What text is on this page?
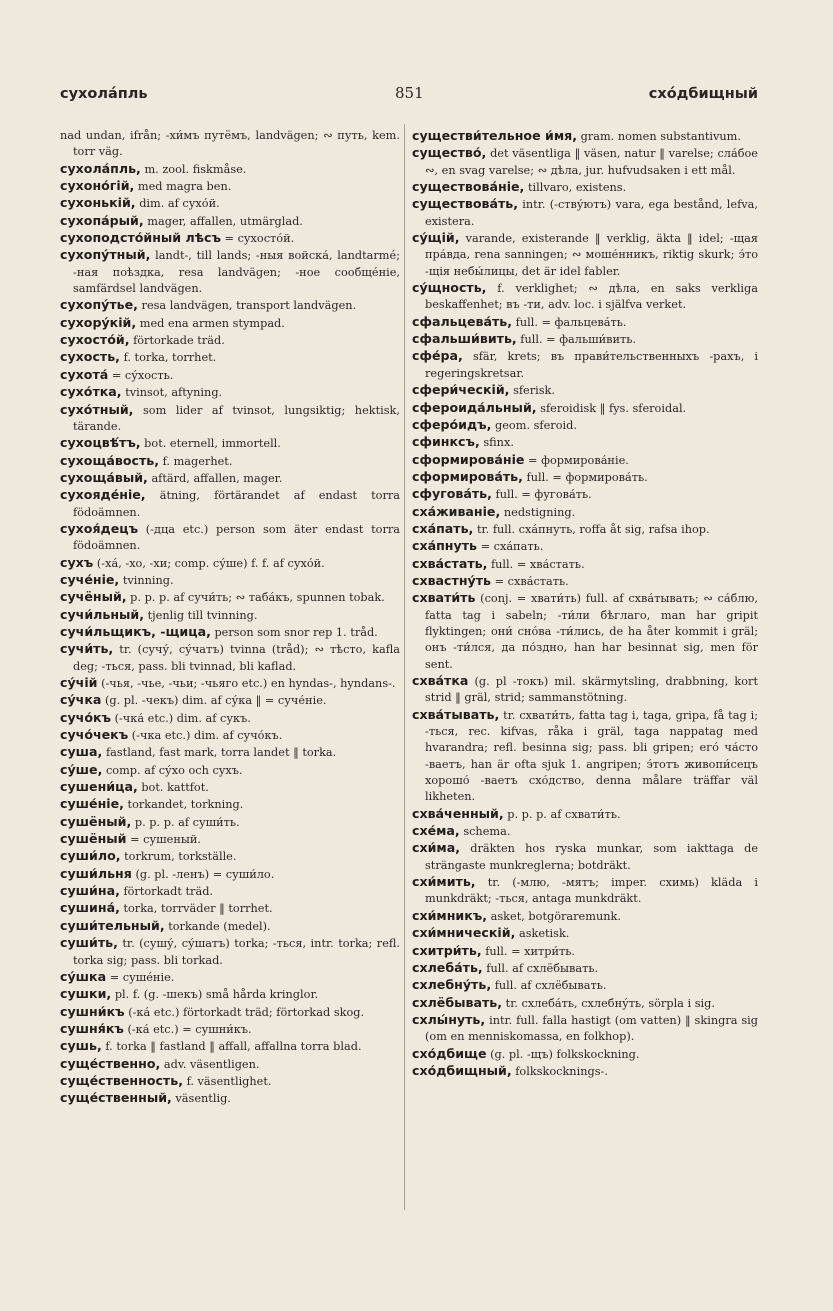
сухола́пль	851	схо́дбищный
nad undan, ifrån; -хи́мъ путёмъ, landvägen; ∾ путь, kem. torr väg.
сухола́пль, m. zool. fiskmåse.
сухоно́гій, med magra ben.
сухонькій, dim. af сухо́й.
сухопа́рый, mager, affallen, utmärglad.
сухоподсто́йный лѣсъ = сухосто́й.
сухопу́тный, landt-, till lands; -ныя войска́, landtarmé; -ная поѣздка, resa landvägen; -ное сообще́ніе, samfärdsel landvägen.
сухопу́тье, resa landvägen, transport landvägen.
сухору́кій, med ena armen stympad.
сухосто́й, förtorkade träd.
сухость, f. torka, torrhet.
сухота́ = су́хость.
сухо́тка, tvinsot, aftyning.
сухо́тный, som lider af tvinsot, lungsiktig; hektisk, tärande.
сухоцвѣ́тъ, bot. eternell, immortell.
сухоща́вость, f. magerhet.
сухоща́вый, aftärd, affallen, mager.
сухояде́ніе, ätning, förtärandet af endast torra födoämnen.
сухоя́децъ (-дца etc.) person som äter endast torra födoämnen.
сухъ (-ха́, -хо, -хи; comp. су́ше) f. f. af сухо́й.
суче́ніе, tvinning.
сучёный, p. p. p. af сучи́ть; ∾ таба́къ, spunnen tobak.
сучи́льный, tjenlig till tvinning.
сучи́льщикъ, -щица, person som snor rep 1. tråd.
сучи́ть, tr. (сучу́, су́чатъ) tvinna (tråd); ∾ тѣсто, kafla deg; -ться, pass. bli tvinnad, bli kaflad.
су́чій (-чья, -чье, -чьи; -чьяго etc.) en hyndas-, hyndans-.
су́чка (g. pl. -чекъ) dim. af су́ка ‖ = суче́ніе.
сучо́къ (-чка́ etc.) dim. af сукъ.
сучо́чекъ (-чка etc.) dim. af сучо́къ.
суша, fastland, fast mark, torra landet ‖ torka.
су́ше, comp. af су́хо och сухъ.
сушени́ца, bot. kattfot.
суше́ніе, torkandet, torkning.
сушёный, p. p. p. af суши́ть.
сушёный = сушеный.
суши́ло, torkrum, torkställe.
суши́льня (g. pl. -ленъ) = суши́ло.
суши́на, förtorkadt träd.
сушина́, torka, torrväder ‖ torrhet.
суши́тельный, torkande (medel).
суши́ть, tr. (сушу́, су́шатъ) torka; -ться, intr. torka; refl. torka sig; pass. bli torkad.
су́шка = суше́ніе.
сушки, pl. f. (g. -шекъ) små hårda kringlor.
сушни́къ (-ка́ etc.) förtorkadt träd; förtorkad skog.
сушня́къ (-ка́ etc.) = сушни́къ.
сушь, f. torka ‖ fastland ‖ affall, affallna torra blad.
суще́ственно, adv. väsentligen.
суще́ственность, f. väsentlighet.
суще́ственный, väsentlig.
существи́тельное и́мя, gram. nomen substantivum.
существо́, det väsentliga ‖ väsen, natur ‖ varelse; сла́бое ∾, en svag varelse; ∾ дѣла, jur. hufvudsaken i ett mål.
существова́ніе, tillvaro, existens.
существова́ть, intr. (-ству́ютъ) vara, ega bestånd, lefva, existera.
су́щій, varande, existerande ‖ verklig, äkta ‖ idel; -щая пра́вда, rena sanningen; ∾ моше́нникъ, riktig skurk; э́то -щія небы́лицы, det är idel fabler.
су́щность, f. verklighet; ∾ дѣла, en saks verkliga beskaffenhet; въ -ти, adv. loc. i själfva verket.
сфальцева́ть, full. = фальцева́ть.
сфальши́вить, full. = фальши́вить.
сфе́ра, sfär, krets; въ прави́тельственныхъ -рахъ, i regeringskretsar.
сфери́ческій, sferisk.
сфероида́льный, sferoidisk ‖ fys. sferoidal.
сферо́идъ, geom. sferoid.
сфинксъ, sfinx.
сформирова́ніе = формирова́ніе.
сформирова́ть, full. = формирова́ть.
сфугова́ть, full. = фугова́ть.
сха́живаніе, nedstigning.
сха́пать, tr. full. сха́пнуть, roffa åt sig, rafsa ihop.
сха́пнуть = сха́пать.
схва́стать, full. = хва́стать.
схвастну́ть = схва́стать.
схвати́ть (conj. = хвати́ть) full. af схва́тывать; ∾ са́блю, fatta tag i sabeln; -ти́ли бѣглаго, man har gripit flyktingen; они́ сно́ва -ти́лись, de ha åter kommit i gräl; онъ -ти́лся, да по́здно, han har besinnat sig, men för sent.
схва́тка (g. pl -токъ) mil. skärmytsling, drabbning, kort strid ‖ gräl, strid; sammanstötning.
схва́тывать, tr. схвати́ть, fatta tag i, taga, gripa, få tag i; -ться, rec. kifvas, råka i gräl, taga nappatag med hvarandra; refl. besinna sig; pass. bli gripen; его́ ча́сто -ваетъ, han är ofta sjuk 1. angripen; э́тотъ живопи́сецъ хорошо́ -ваетъ схо́дство, denna målare träffar väl likheten.
схва́ченный, p. p. p. af схвати́ть.
схе́ма, schema.
схи́ма, dräkten hos ryska munkar, som iakttaga de strängaste munkreglerna; botdräkt.
схи́мить, tr. (-млю, -мятъ; imper. схимь) kläda i munkdräkt; -ться, antaga munkdräkt.
схи́мникъ, asket, botgöraremunk.
схи́мническій, asketisk.
схитри́ть, full. = хитри́ть.
схлеба́ть, full. af схлёбывать.
схлебну́ть, full. af схлёбывать.
схлёбывать, tr. схлеба́ть, схлебну́ть, sörpla i sig.
схлы́нуть, intr. full. falla hastigt (om vatten) ‖ skingra sig (om en menniskomassa, en folkhop).
схо́дбище (g. pl. -щъ) folkskockning.
схо́дбищный, folkskocknings-.
